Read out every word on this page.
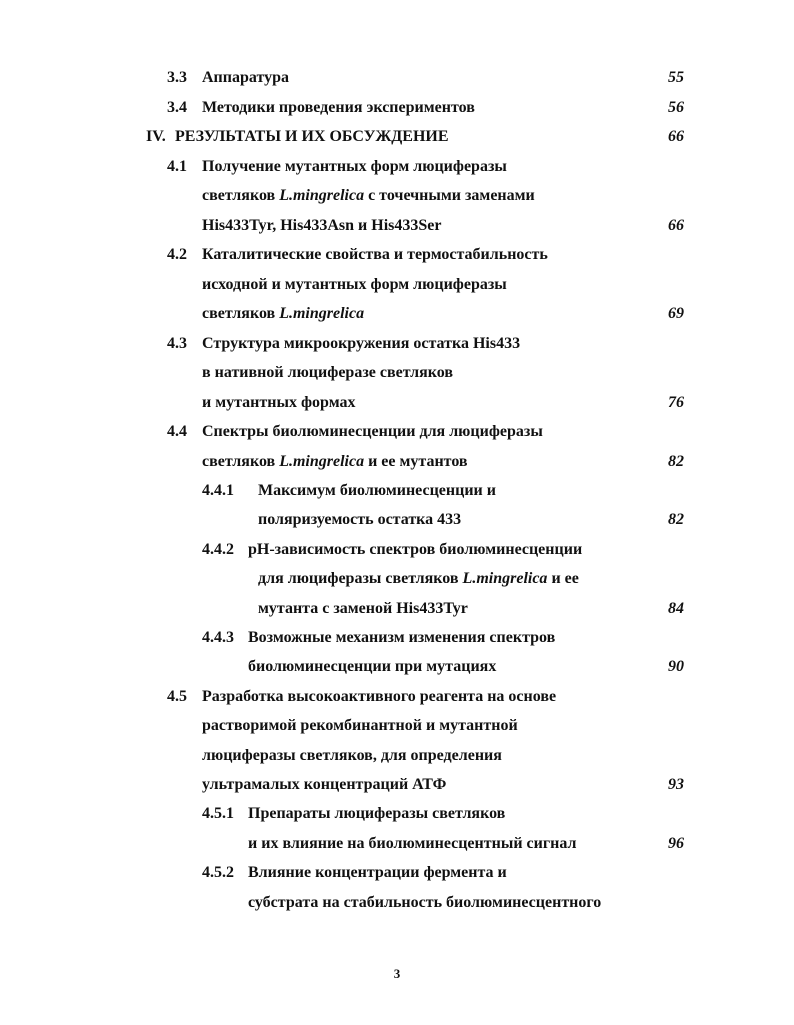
3.3 Аппаратура	55
3.4 Методики проведения экспериментов	56
IV. РЕЗУЛЬТАТЫ И ИХ ОБСУЖДЕНИЕ	66
4.1 Получение мутантных форм люциферазы
светляков L.mingrelica с точечными заменами
His433Tyr, His433Asn и His433Ser	66
4.2 Каталитические свойства и термостабильность
исходной и мутантных форм люциферазы
светляков L.mingrelica	69
4.3 Структура микроокружения остатка His433
в нативной люциферазе светляков
и мутантных формах	76
4.4 Спектры биолюминесценции для люциферазы
светляков L.mingrelica и ее мутантов	82
4.4.1 Максимум биолюминесценции и
поляризуемость остатка 433	82
4.4.2 pH-зависимость спектров биолюминесценции
для люциферазы светляков L.mingrelica и ее
мутанта с заменой His433Tyr	84
4.4.3 Возможные механизм изменения спектров
биолюминесценции при мутациях	90
4.5 Разработка высокоактивного реагента на основе
растворимой рекомбинантной и мутантной
люциферазы светляков, для определения
ультрамалых концентраций АТФ	93
4.5.1 Препараты люциферазы светляков
и их влияние на биолюминесцентный сигнал	96
4.5.2 Влияние концентрации фермента и
субстрата на стабильность биолюминесцентного
3
